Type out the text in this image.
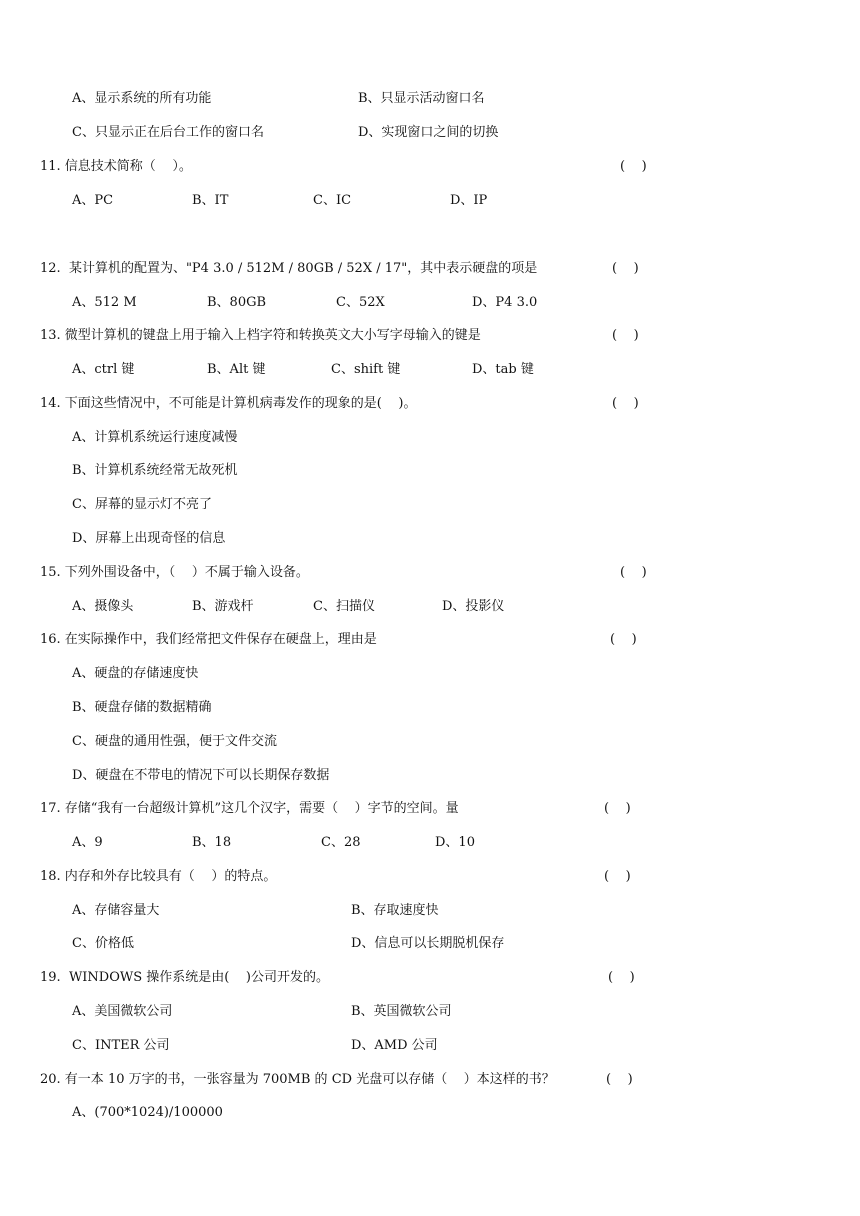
A、显示系统的所有功能	B、只显示活动窗口名
C、只显示正在后台工作的窗口名	D、实现窗口之间的切换
11. 信息技术简称（    ）。	(    )
A、PC	B、IT	C、IC	D、IP
12.  某计算机的配置为、"P4 3.0 / 512M / 80GB / 52X / 17"，其中表示硬盘的项是	(    )
A、512 M	B、80GB	C、52X	D、P4 3.0
13. 微型计算机的键盘上用于输入上档字符和转换英文大小写字母输入的键是	(    )
A、ctrl 键	B、Alt 键	C、shift 键	D、tab 键
14. 下面这些情况中，不可能是计算机病毒发作的现象的是(    )。	(    )
A、计算机系统运行速度减慢
B、计算机系统经常无故死机
C、屏幕的显示灯不亮了
D、屏幕上出现奇怪的信息
15. 下列外围设备中，（    ）不属于输入设备。	(    )
A、摄像头	B、游戏杆	C、扫描仪	D、投影仪
16. 在实际操作中，我们经常把文件保存在硬盘上，理由是	(    )
A、硬盘的存储速度快
B、硬盘存储的数据精确
C、硬盘的通用性强，便于文件交流
D、硬盘在不带电的情况下可以长期保存数据
17. 存储“我有一台超级计算机”这几个汉字，需要（    ）字节的空间。量	(    )
A、9	B、18	C、28	D、10
18. 内存和外存比较具有（    ）的特点。	(    )
A、存储容量大	B、存取速度快
C、价格低	D、信息可以长期脱机保存
19.  WINDOWS 操作系统是由(    )公司开发的。	(    )
A、美国微软公司	B、英国微软公司
C、INTER 公司	D、AMD 公司
20. 有一本 10 万字的书，一张容量为 700MB 的 CD 光盘可以存储（    ）本这样的书？	(    )
A、(700*1024)/100000
